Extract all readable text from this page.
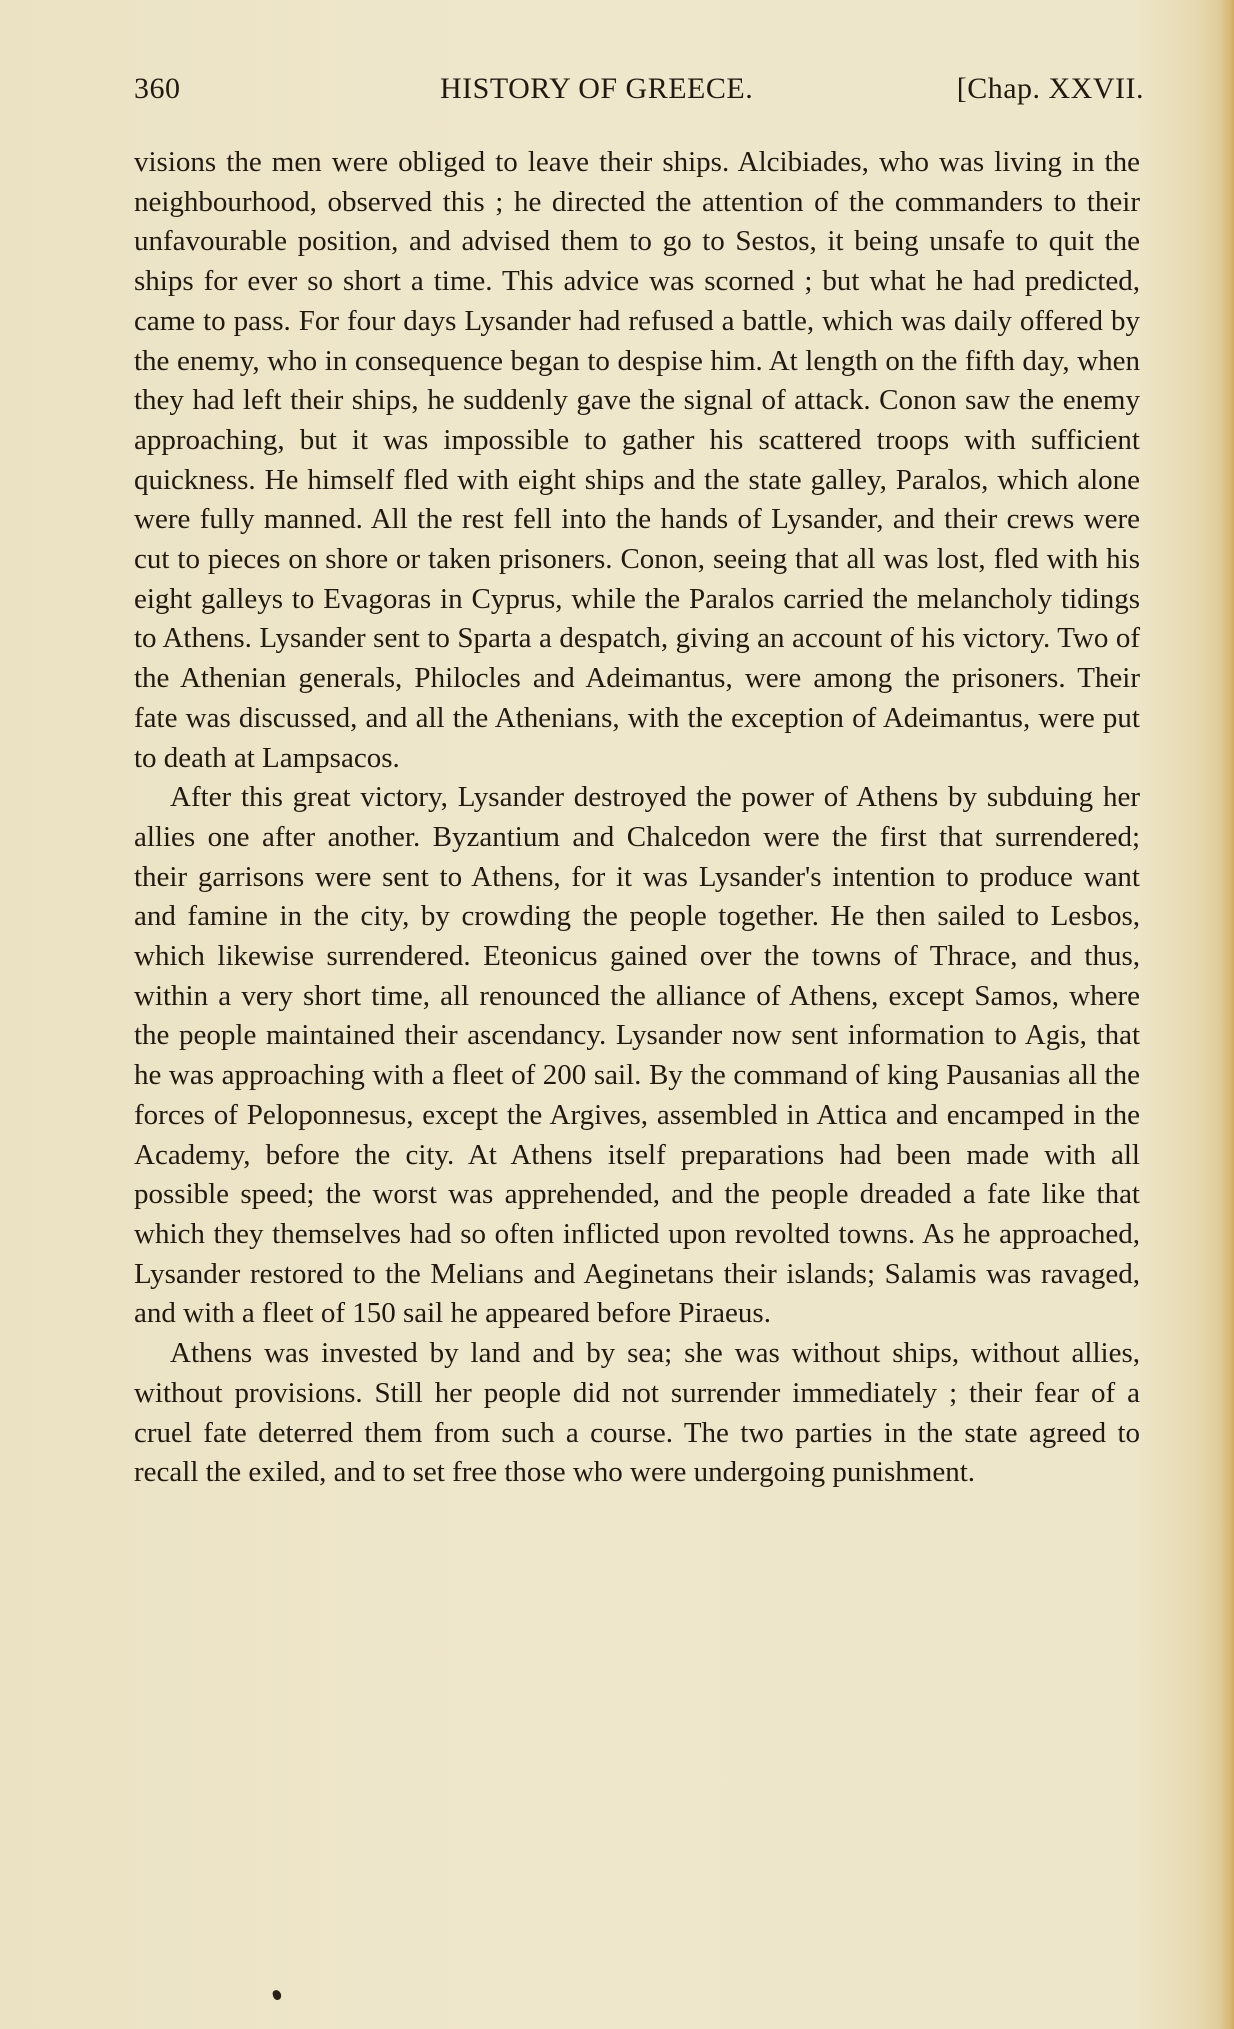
360	HISTORY OF GREECE.	[Chap. XXVII.

visions the men were obliged to leave their ships. Alcibiades, who was living in the neighbourhood, observed this ; he directed the attention of the commanders to their unfavourable position, and advised them to go to Sestos, it being unsafe to quit the ships for ever so short a time. This advice was scorned ; but what he had predicted, came to pass. For four days Lysander had refused a battle, which was daily offered by the enemy, who in consequence began to despise him. At length on the fifth day, when they had left their ships, he suddenly gave the signal of attack. Conon saw the enemy approaching, but it was impossible to gather his scattered troops with sufficient quickness. He himself fled with eight ships and the state galley, Paralos, which alone were fully manned. All the rest fell into the hands of Lysander, and their crews were cut to pieces on shore or taken prisoners. Conon, seeing that all was lost, fled with his eight galleys to Evagoras in Cyprus, while the Paralos carried the melancholy tidings to Athens. Lysander sent to Sparta a despatch, giving an account of his victory. Two of the Athenian generals, Philocles and Adeimantus, were among the prisoners. Their fate was discussed, and all the Athenians, with the exception of Adeimantus, were put to death at Lampsacos.

After this great victory, Lysander destroyed the power of Athens by subduing her allies one after another. Byzantium and Chalcedon were the first that surrendered; their garrisons were sent to Athens, for it was Lysander's intention to produce want and famine in the city, by crowding the people together. He then sailed to Lesbos, which likewise surrendered. Eteonicus gained over the towns of Thrace, and thus, within a very short time, all renounced the alliance of Athens, except Samos, where the people maintained their ascendancy. Lysander now sent information to Agis, that he was approaching with a fleet of 200 sail. By the command of king Pausanias all the forces of Peloponnesus, except the Argives, assembled in Attica and encamped in the Academy, before the city. At Athens itself preparations had been made with all possible speed; the worst was apprehended, and the people dreaded a fate like that which they themselves had so often inflicted upon revolted towns. As he approached, Lysander restored to the Melians and Aeginetans their islands; Salamis was ravaged, and with a fleet of 150 sail he appeared before Piraeus.

Athens was invested by land and by sea; she was without ships, without allies, without provisions. Still her people did not surrender immediately ; their fear of a cruel fate deterred them from such a course. The two parties in the state agreed to recall the exiled, and to set free those who were undergoing punishment.
